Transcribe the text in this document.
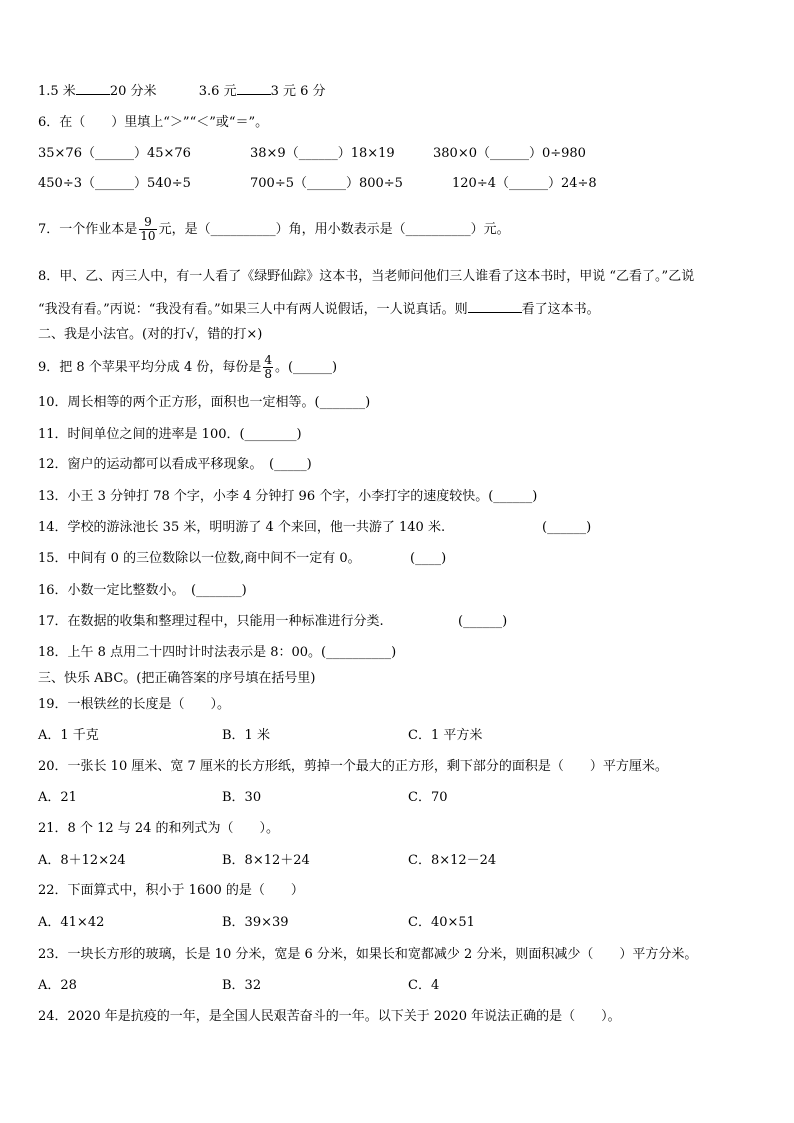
1.5 米	20 分米	3.6 元	3 元 6 分
6．在（　　）里填上“＞”“＜”或“＝”。
35×76（______）45×76	38×9（______）18×19	380×0（______）0÷980
450÷3（______）540÷5	700÷5（______）800÷5	120÷4（______）24÷8
7．一个作业本是 $\frac{9}{10}$ 元，是（__________）角，用小数表示是（__________）元。
8．甲、乙、丙三人中，有一人看了《绿野仙踪》这本书，当老师问他们三人谁看了这本书时，甲说 “乙看了。”乙说
“我没有看。”丙说：“我没有看。”如果三人中有两人说假话，一人说真话。则	看了这本书。
二、我是小法官。(对的打√，错的打×)
9．把 8 个苹果平均分成 4 份，每份是 $\frac{4}{8}$ 。(______)
10．周长相等的两个正方形，面积也一定相等。(_______)
11．时间单位之间的进率是 100．(________)
12．窗户的运动都可以看成平移现象。　(_____)
13．小王 3 分钟打 78 个字，小李 4 分钟打 96 个字，小李打字的速度较快。(______)
14．学校的游泳池长 35 米，明明游了 4 个来回，他一共游了 140 米.	(______)
15．中间有 0 的三位数除以一位数,商中间不一定有 0。	(____)
16．小数一定比整数小。　(_______)
17．在数据的收集和整理过程中，只能用一种标准进行分类.	(______)
18．上午 8 点用二十四时计时法表示是 8：00。(__________)
三、快乐 ABC。(把正确答案的序号填在括号里)
19．一根铁丝的长度是（　　）。
A．1 千克	B．1 米	C．1 平方米
20．一张长 10 厘米、宽 7 厘米的长方形纸，剪掉一个最大的正方形，剩下部分的面积是（　　）平方厘米。
A．21	B．30	C．70
21．8 个 12 与 24 的和列式为（　　）。
A．8＋12×24	B．8×12＋24	C．8×12－24
22．下面算式中，积小于 1600 的是（　　）
A．41×42	B．39×39	C．40×51
23．一块长方形的玻璃，长是 10 分米，宽是 6 分米，如果长和宽都减少 2 分米，则面积减少（　　）平方分米。
A．28	B．32	C．4
24．2020 年是抗疫的一年，是全国人民艰苦奋斗的一年。以下关于 2020 年说法正确的是（　　）。
